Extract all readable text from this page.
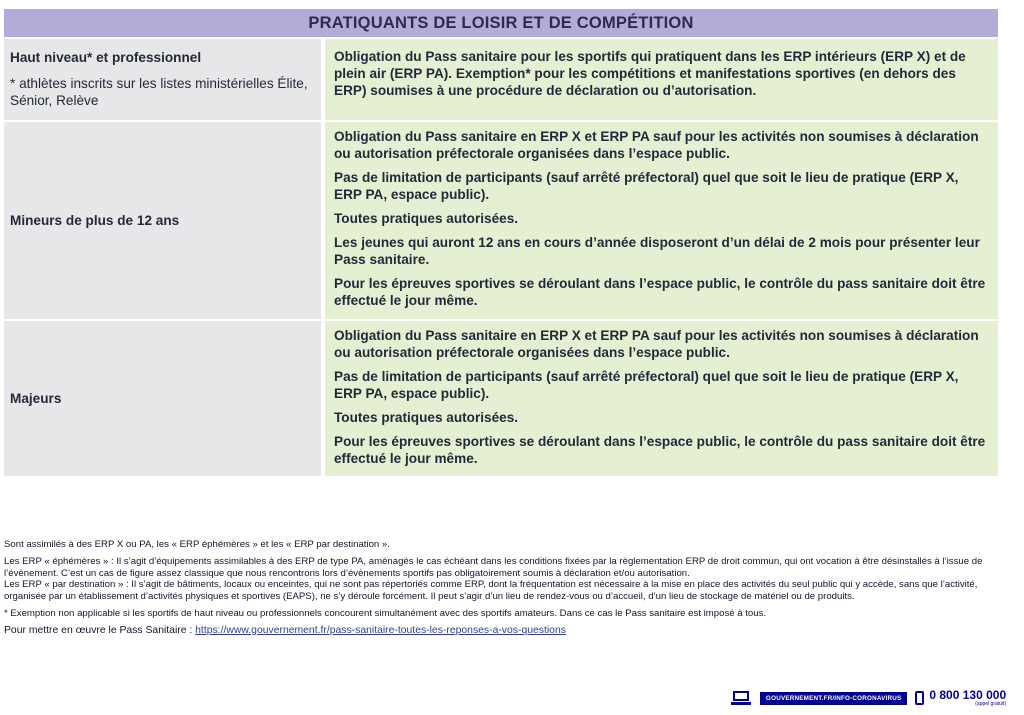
PRATIQUANTS DE LOISIR ET DE COMPÉTITION
Haut niveau* et professionnel
* athlètes inscrits sur les listes ministérielles Élite, Sénior, Relève

Obligation du Pass sanitaire pour les sportifs qui pratiquent dans les ERP intérieurs (ERP X) et de plein air (ERP PA). Exemption* pour les compétitions et manifestations sportives (en dehors des ERP) soumises à une procédure de déclaration ou d’autorisation.

Mineurs de plus de 12 ans

Obligation du Pass sanitaire en ERP X et ERP PA sauf pour les activités non soumises à déclaration ou autorisation préfectorale organisées dans l’espace public.

Pas de limitation de participants (sauf arrêté préfectoral) quel que soit le lieu de pratique (ERP X, ERP PA, espace public).

Toutes pratiques autorisées.

Les jeunes qui auront 12 ans en cours d’année disposeront d’un délai de 2 mois pour présenter leur Pass sanitaire.

Pour les épreuves sportives se déroulant dans l’espace public, le contrôle du pass sanitaire doit être effectué le jour même.

Majeurs

Obligation du Pass sanitaire en ERP X et ERP PA sauf pour les activités non soumises à déclaration ou autorisation préfectorale organisées dans l’espace public.

Pas de limitation de participants (sauf arrêté préfectoral) quel que soit le lieu de pratique (ERP X, ERP PA, espace public).

Toutes pratiques autorisées.

Pour les épreuves sportives se déroulant dans l’espace public, le contrôle du pass sanitaire doit être effectué le jour même.

Sont assimilés à des ERP X ou PA, les « ERP éphémères » et les « ERP par destination ».

Les ERP « éphémères » : Il s’agit d’équipements assimilables à des ERP de type PA, aménagés le cas échéant dans les conditions fixées par la règlementation ERP de droit commun, qui ont vocation à être désinstallés à l’issue de l’évènement. C’est un cas de figure assez classique que nous rencontrons lors d’évènements sportifs pas obligatoirement soumis à déclaration et/ou autorisation.

Les ERP « par destination » : Il s’agit de bâtiments, locaux ou enceintes, qui ne sont pas répertoriés comme ERP, dont la fréquentation est nécessaire à la mise en place des activités du seul public qui y accède, sans que l’activité, organisée par un établissement d’activités physiques et sportives (EAPS), ne s’y déroule forcément. Il peut s’agir d’un lieu de rendez-vous ou d’accueil, d’un lieu de stockage de matériel ou de produits.

* Exemption non applicable si les sportifs de haut niveau ou professionnels concourent simultanément avec des sportifs amateurs. Dans ce cas le Pass sanitaire est imposé à tous.

Pour mettre en œuvre le Pass Sanitaire : https://www.gouvernement.fr/pass-sanitaire-toutes-les-reponses-a-vos-questions

GOUVERNEMENT.FR/INFO-CORONAVIRUS	0 800 130 000
(appel gratuit)
